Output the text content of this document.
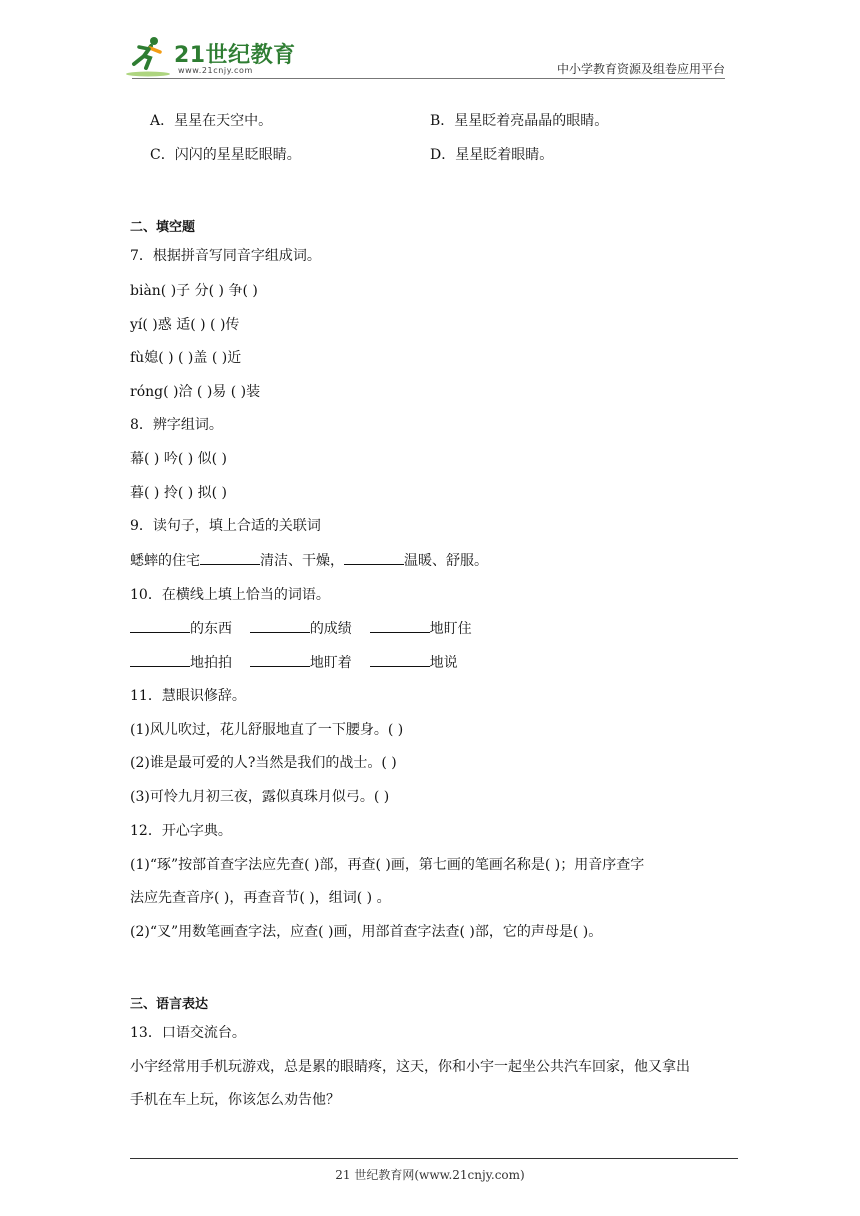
21世纪教育
www.21cnjy.com	中小学教育资源及组卷应用平台
A．星星在天空中。	B．星星眨着亮晶晶的眼睛。
C．闪闪的星星眨眼睛。	D．星星眨着眼睛。
二、填空题
7．根据拼音写同音字组成词。
biàn( )子 分( ) 争( )
yí( )惑 适( ) ( )传
fù媳( ) ( )盖 ( )近
róng( )洽 ( )易 ( )装
8．辨字组词。
幕( ) 吟( ) 似( )
暮( ) 拎( ) 拟( )
9．读句子，填上合适的关联词
蟋蟀的住宅	清洁、干燥，	温暖、舒服。
10．在横线上填上恰当的词语。
的东西	的成绩	地盯住
地拍拍	地盯着	地说
11．慧眼识修辞。
(1)风儿吹过，花儿舒服地直了一下腰身。( )
(2)谁是最可爱的人?当然是我们的战士。( )
(3)可怜九月初三夜，露似真珠月似弓。( )
12．开心字典。
(1)“琢”按部首查字法应先查( )部，再查( )画，第七画的笔画名称是( )；用音序查字
法应先查音序( )，再查音节( )，组词( ) 。
(2)“叉”用数笔画查字法，应查( )画，用部首查字法查( )部，它的声母是( )。
三、语言表达
13．口语交流台。
小宇经常用手机玩游戏，总是累的眼睛疼，这天，你和小宇一起坐公共汽车回家，他又拿出
手机在车上玩，你该怎么劝告他？
21 世纪教育网(www.21cnjy.com)
